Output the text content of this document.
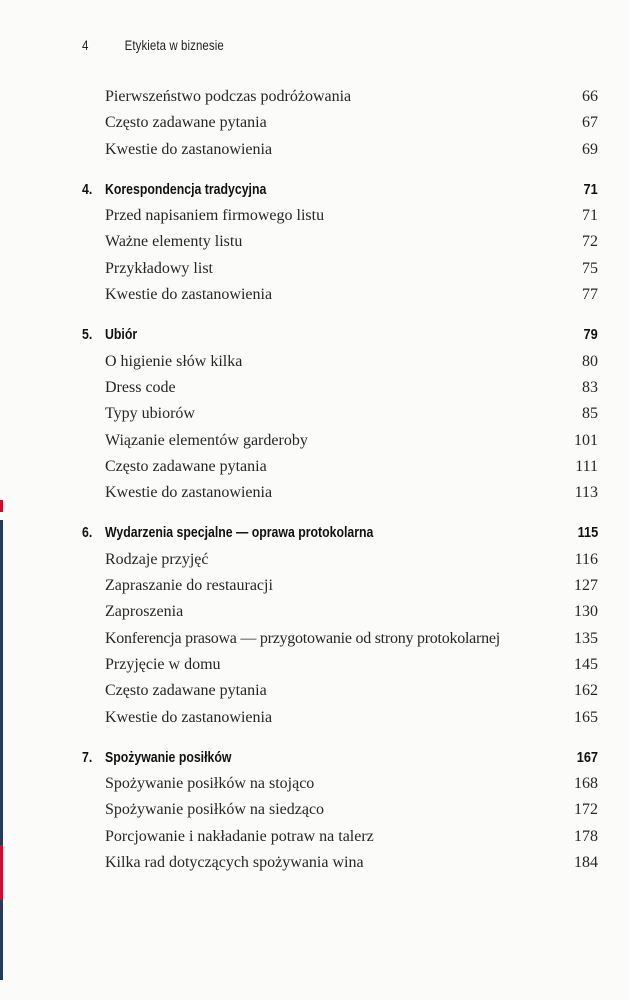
4	Etykieta w biznesie
Pierwszeństwo podczas podróżowania	66
Często zadawane pytania	67
Kwestie do zastanowienia	69
4. Korespondencja tradycyjna	71
Przed napisaniem firmowego listu	71
Ważne elementy listu	72
Przykładowy list	75
Kwestie do zastanowienia	77
5. Ubiór	79
O higienie słów kilka	80
Dress code	83
Typy ubiorów	85
Wiązanie elementów garderoby	101
Często zadawane pytania	111
Kwestie do zastanowienia	113
6. Wydarzenia specjalne — oprawa protokolarna	115
Rodzaje przyjęć	116
Zapraszanie do restauracji	127
Zaproszenia	130
Konferencja prasowa — przygotowanie od strony protokolarnej	135
Przyjęcie w domu	145
Często zadawane pytania	162
Kwestie do zastanowienia	165
7. Spożywanie posiłków	167
Spożywanie posiłków na stojąco	168
Spożywanie posiłków na siedząco	172
Porcjowanie i nakładanie potraw na talerz	178
Kilka rad dotyczących spożywania wina	184
